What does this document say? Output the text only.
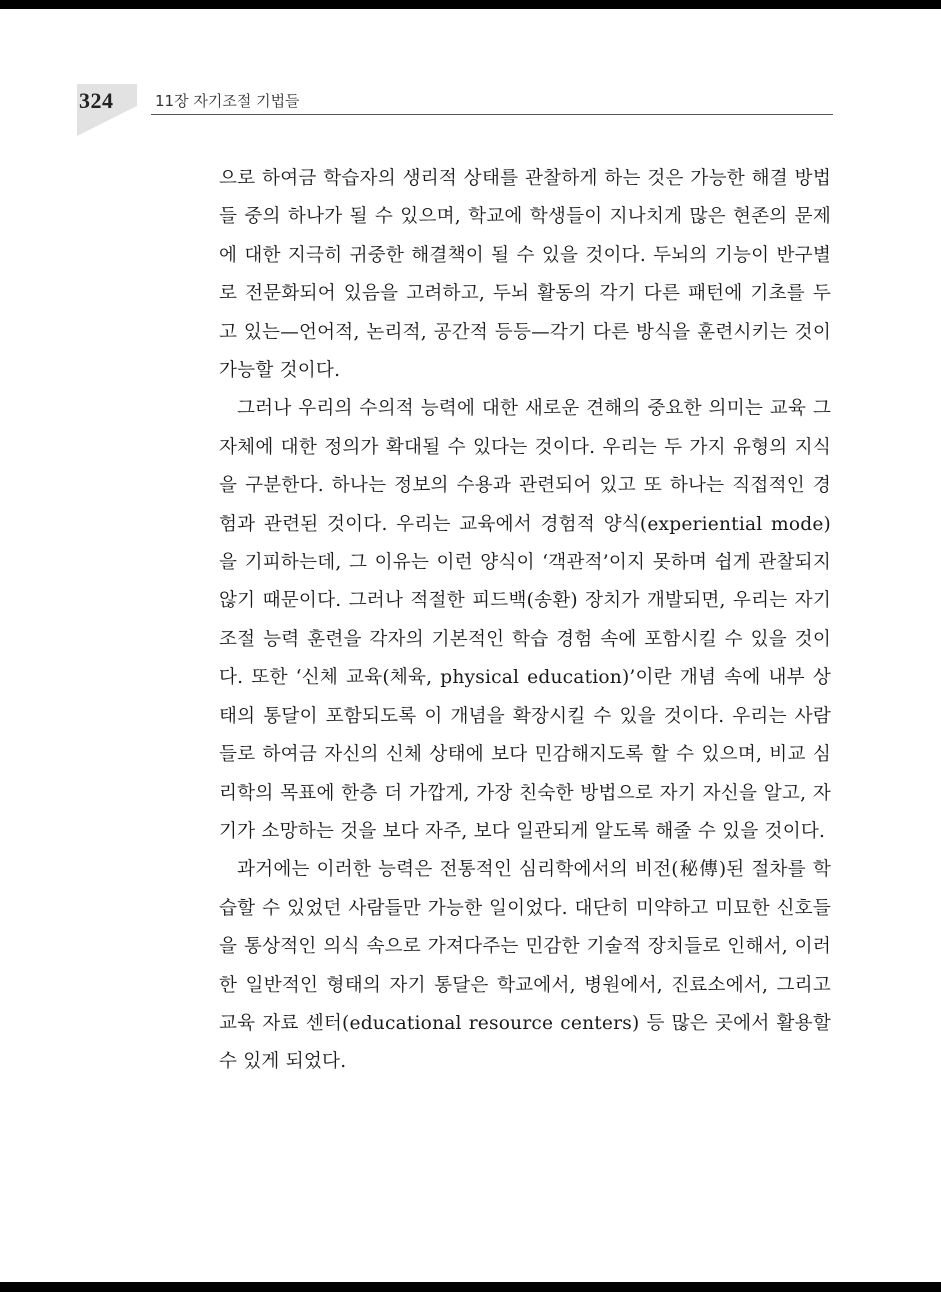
324	11장 자기조절 기법들

으로 하여금 학습자의 생리적 상태를 관찰하게 하는 것은 가능한 해결 방법들 중의 하나가 될 수 있으며, 학교에 학생들이 지나치게 많은 현존의 문제에 대한 지극히 귀중한 해결책이 될 수 있을 것이다. 두뇌의 기능이 반구별로 전문화되어 있음을 고려하고, 두뇌 활동의 각기 다른 패턴에 기초를 두고 있는—언어적, 논리적, 공간적 등등—각기 다른 방식을 훈련시키는 것이 가능할 것이다.

그러나 우리의 수의적 능력에 대한 새로운 견해의 중요한 의미는 교육 그 자체에 대한 정의가 확대될 수 있다는 것이다. 우리는 두 가지 유형의 지식을 구분한다. 하나는 정보의 수용과 관련되어 있고 또 하나는 직접적인 경험과 관련된 것이다. 우리는 교육에서 경험적 양식(experiential mode)을 기피하는데, 그 이유는 이런 양식이 ‘객관적’이지 못하며 쉽게 관찰되지 않기 때문이다. 그러나 적절한 피드백(송환) 장치가 개발되면, 우리는 자기조절 능력 훈련을 각자의 기본적인 학습 경험 속에 포함시킬 수 있을 것이다. 또한 ‘신체 교육(체육, physical education)’이란 개념 속에 내부 상태의 통달이 포함되도록 이 개념을 확장시킬 수 있을 것이다. 우리는 사람들로 하여금 자신의 신체 상태에 보다 민감해지도록 할 수 있으며, 비교 심리학의 목표에 한층 더 가깝게, 가장 친숙한 방법으로 자기 자신을 알고, 자기가 소망하는 것을 보다 자주, 보다 일관되게 알도록 해줄 수 있을 것이다.

과거에는 이러한 능력은 전통적인 심리학에서의 비전(秘傳)된 절차를 학습할 수 있었던 사람들만 가능한 일이었다. 대단히 미약하고 미묘한 신호들을 통상적인 의식 속으로 가져다주는 민감한 기술적 장치들로 인해서, 이러한 일반적인 형태의 자기 통달은 학교에서, 병원에서, 진료소에서, 그리고 교육 자료 센터(educational resource centers) 등 많은 곳에서 활용할 수 있게 되었다.
